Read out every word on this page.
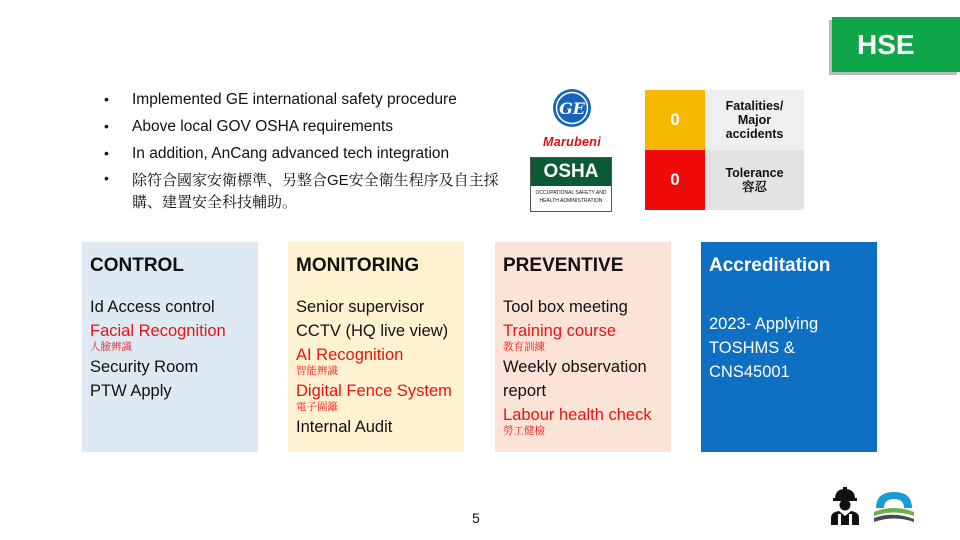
HSE
• Implemented GE international safety procedure
• Above local GOV OSHA requirements
• In addition, AnCang advanced tech integration
• 除符合國家安衛標準、另整合GE安全衛生程序及自主採購、建置安全科技輔助。
GE
Marubeni
OSHA
OCCUPATIONAL SAFETY AND
HEALTH ADMINISTRATION
0
Fatalities/
Major
accidents
0	Tolerance
容忍
CONTROL
Id Access control
Facial Recognition
人臉辨識
Security Room
PTW Apply
MONITORING
Senior supervisor
CCTV (HQ live view)
AI Recognition
智能辨識
Digital Fence System
電子圍籬
Internal Audit
PREVENTIVE
Tool box meeting
Training course
教育訓練
Weekly observation
report
Labour health check
勞工健檢
Accreditation
2023- Applying
TOSHMS &
CNS45001
5
